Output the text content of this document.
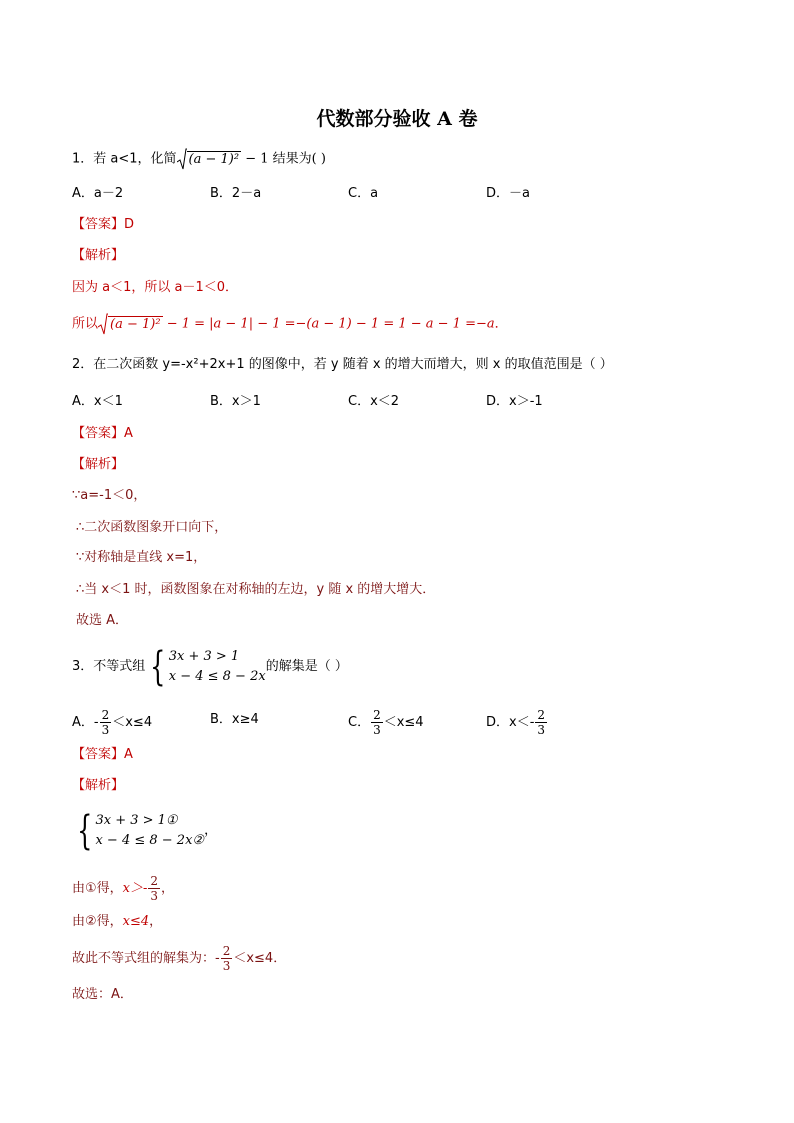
代数部分验收 A 卷
1．若 a<1，化简 (a − 1)² − 1 结果为( )
A．a－2	B．2－a	C．a	D．－a
【答案】D
【解析】
因为 a＜1，所以 a－1＜0．
所以 (a − 1)² − 1 = |a − 1| − 1 =−(a − 1) − 1 = 1 − a − 1 =−a．
2．在二次函数 y=-x²+2x+1 的图像中，若 y 随着 x 的增大而增大，则 x 的取值范围是（ ）
A．x＜1	B．x＞1	C．x＜2	D．x＞-1
【答案】A
【解析】
∵a=-1＜0，
∴二次函数图象开口向下，
∵对称轴是直线 x=1，
∴当 x＜1 时，函数图象在对称轴的左边，y 随 x 的增大增大．
故选 A．
3．不等式组 { 3x + 3 > 1
x − 4 ≤ 8 − 2x
的解集是（ ）
A．- $\frac{2}{3} <x\le 4$	B．x≥4	C． $\frac{2}{3} <x\le 4$	D．$x<- \frac{2}{3}$
【答案】A
【解析】
{ 3x + 3 > 1①
x − 4 ≤ 8 − 2x②
，
由①得，$x>- \frac{2}{3}$ ，
由②得，x≤4，
故此不等式组的解集为：- $\frac{2}{3} <x\le 4$．
故选：A．
